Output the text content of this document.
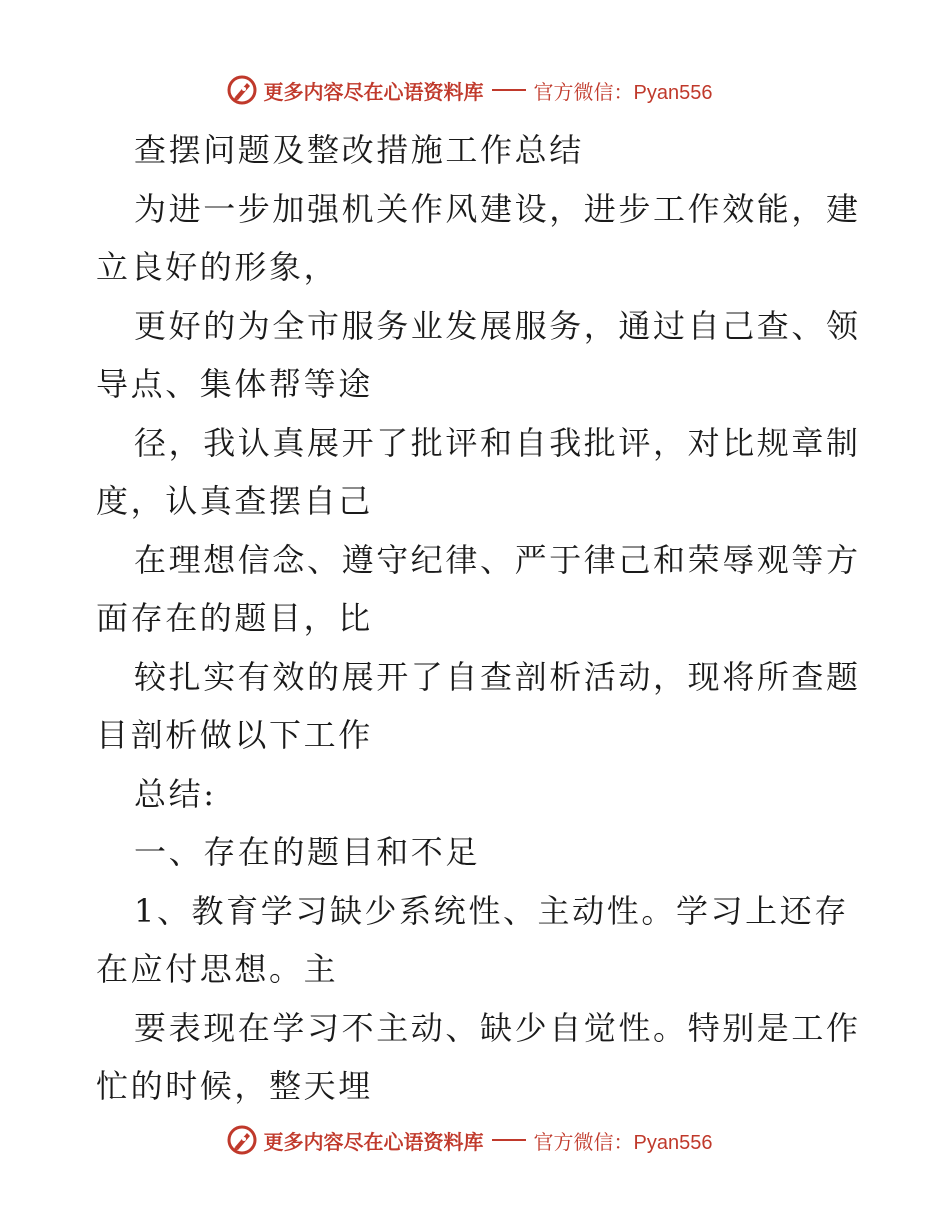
更多内容尽在心语资料库	官方微信：Pyan556
查摆问题及整改措施工作总结
为进一步加强机关作风建设，进步工作效能，建
立良好的形象，
更好的为全市服务业发展服务，通过自己查、领
导点、集体帮等途
径，我认真展开了批评和自我批评，对比规章制
度，认真查摆自己
在理想信念、遵守纪律、严于律己和荣辱观等方
面存在的题目，比
较扎实有效的展开了自查剖析活动，现将所查题
目剖析做以下工作
总结:
一、存在的题目和不足
1、教育学习缺少系统性、主动性。学习上还存
在应付思想。主
要表现在学习不主动、缺少自觉性。特别是工作
忙的时候，整天埋
更多内容尽在心语资料库	官方微信：Pyan556
